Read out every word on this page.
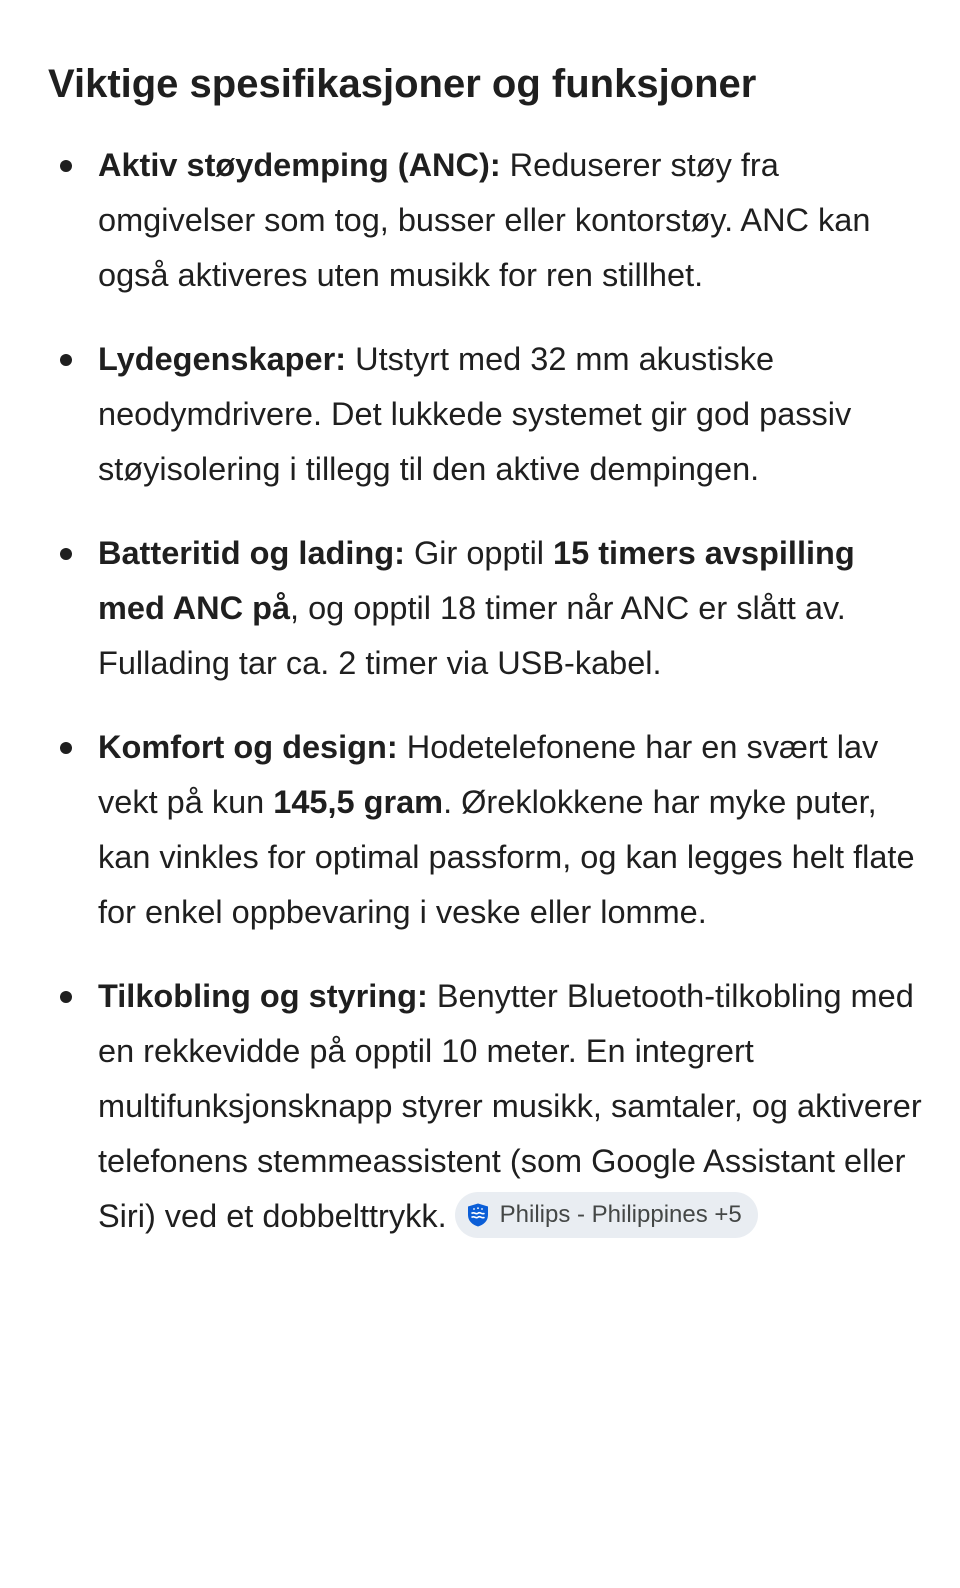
Viktige spesifikasjoner og funksjoner
Aktiv støydemping (ANC): Reduserer støy fra omgivelser som tog, busser eller kontorstøy. ANC kan også aktiveres uten musikk for ren stillhet.
Lydegenskaper: Utstyrt med 32 mm akustiske neodymdrivere. Det lukkede systemet gir god passiv støyisolering i tillegg til den aktive dempingen.
Batteritid og lading: Gir opptil 15 timers avspilling med ANC på, og opptil 18 timer når ANC er slått av. Fullading tar ca. 2 timer via USB-kabel.
Komfort og design: Hodetelefonene har en svært lav vekt på kun 145,5 gram. Øreklokkene har myke puter, kan vinkles for optimal passform, og kan legges helt flate for enkel oppbevaring i veske eller lomme.
Tilkobling og styring: Benytter Bluetooth-tilkobling med en rekkevidde på opptil 10 meter. En integrert multifunksjonsknapp styrer musikk, samtaler, og aktiverer telefonens stemmeassistent (som Google Assistant eller Siri) ved et dobbelttrykk. Philips - Philippines +5
